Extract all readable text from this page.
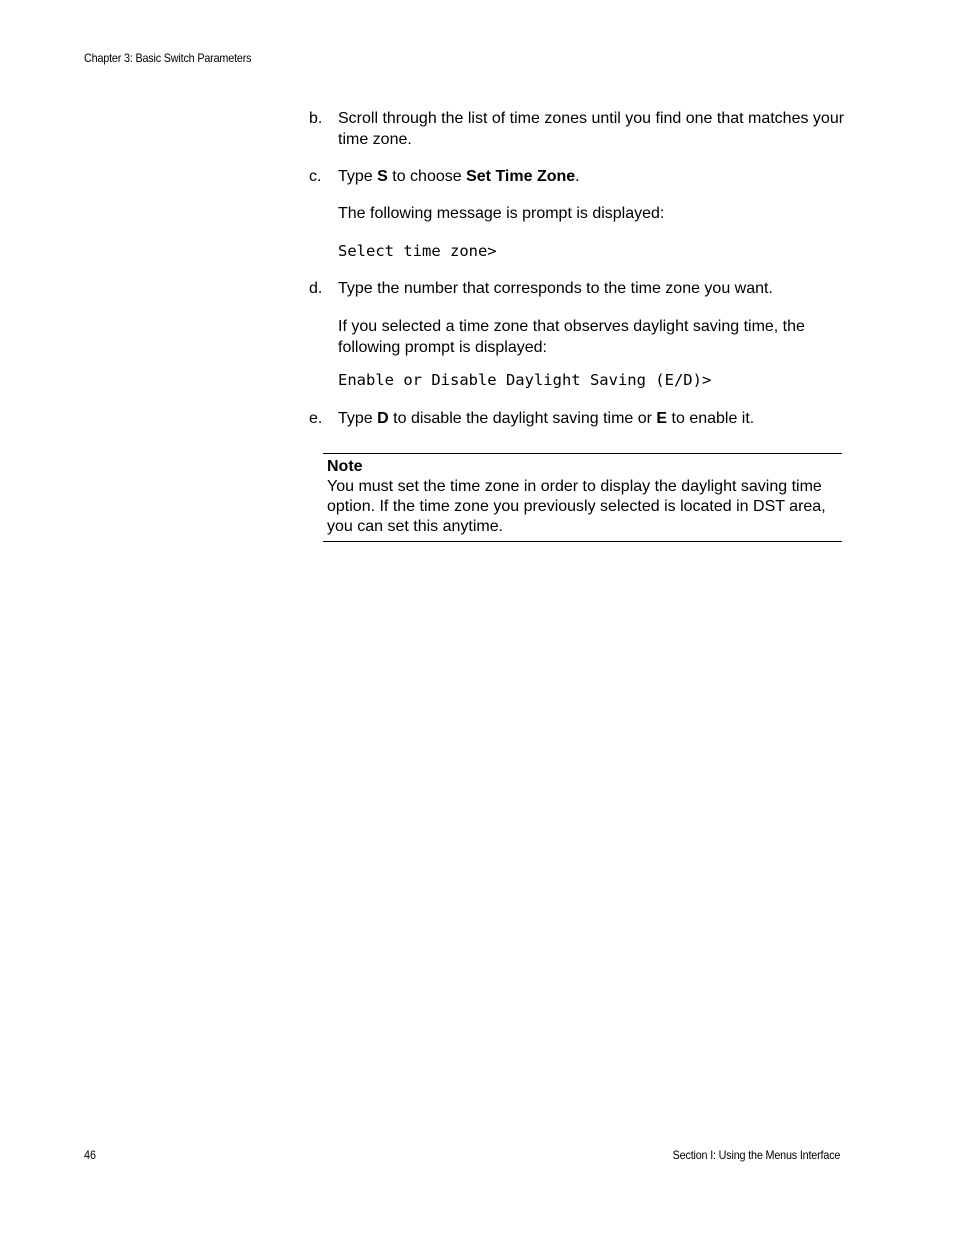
Chapter 3: Basic Switch Parameters
b. Scroll through the list of time zones until you find one that matches your time zone.
c. Type S to choose Set Time Zone.
The following message is prompt is displayed:
Select time zone>
d. Type the number that corresponds to the time zone you want.
If you selected a time zone that observes daylight saving time, the following prompt is displayed:
Enable or Disable Daylight Saving (E/D)>
e. Type D to disable the daylight saving time or E to enable it.
Note
You must set the time zone in order to display the daylight saving time option. If the time zone you previously selected is located in DST area, you can set this anytime.
46	Section I: Using the Menus Interface
